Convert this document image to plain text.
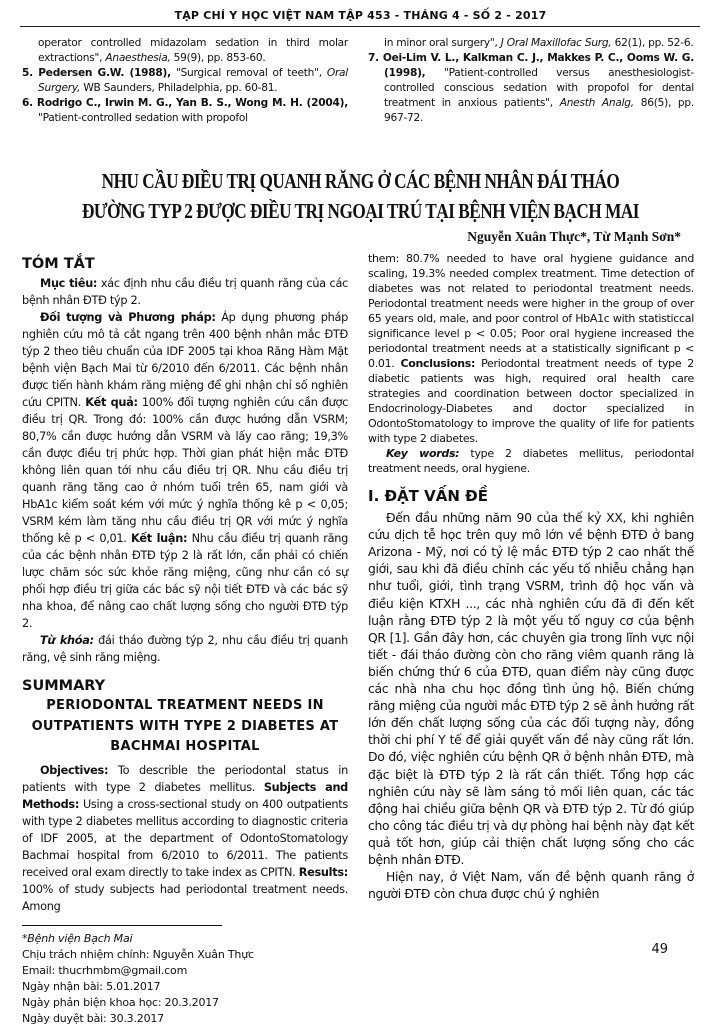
TẠP CHÍ Y HỌC VIỆT NAM TẬP 453 - THÁNG 4 - SỐ 2 - 2017

operator controlled midazolam sedation in third molar extractions", Anaesthesia, 59(9), pp. 853-60.

5. Pedersen G.W. (1988), "Surgical removal of teeth", Oral Surgery, WB Saunders, Philadelphia, pp. 60-81.

6. Rodrigo C., Irwin M. G., Yan B. S., Wong M. H. (2004), "Patient-controlled sedation with propofol

in minor oral surgery", J Oral Maxillofac Surg, 62(1), pp. 52-6.

7. Oei-Lim V. L., Kalkman C. J., Makkes P. C., Ooms W. G. (1998), "Patient-controlled versus anesthesiologist-controlled conscious sedation with propofol for dental treatment in anxious patients", Anesth Analg, 86(5), pp. 967-72.

NHU CẦU ĐIỀU TRỊ QUANH RĂNG Ở CÁC BỆNH NHÂN ĐÁI THÁO
ĐƯỜNG TYP 2 ĐƯỢC ĐIỀU TRỊ NGOẠI TRÚ TẠI BỆNH VIỆN BẠCH MAI
Nguyễn Xuân Thực*, Từ Mạnh Sơn*
TÓM TẮT

Mục tiêu: xác định nhu cầu điều trị quanh răng của các bệnh nhân ĐTĐ týp 2.

Đối tượng và Phương pháp: Áp dụng phương pháp nghiên cứu mô tả cắt ngang trên 400 bệnh nhân mắc ĐTĐ týp 2 theo tiêu chuẩn của IDF 2005 tại khoa Răng Hàm Mặt bệnh viện Bạch Mai từ 6/2010 đến 6/2011. Các bệnh nhân được tiến hành khám răng miệng để ghi nhận chỉ số nghiên cứu CPITN. Kết quả: 100% đối tượng nghiên cứu cần được điều trị QR. Trong đó: 100% cần được hướng dẫn VSRM; 80,7% cần được hướng dẫn VSRM và lấy cao răng; 19,3% cần được điều trị phức hợp. Thời gian phát hiện mắc ĐTĐ không liên quan tới nhu cầu điều trị QR. Nhu cầu điều trị quanh răng tăng cao ở nhóm tuổi trên 65, nam giới và HbA1c kiểm soát kém với mức ý nghĩa thống kê p < 0,05; VSRM kém làm tăng nhu cầu điều trị QR với mức ý nghĩa thống kê p < 0,01. Kết luận: Nhu cầu điều trị quanh răng của các bệnh nhân ĐTĐ týp 2 là rất lớn, cần phải có chiến lược chăm sóc sức khỏe răng miệng, cũng như cần có sự phối hợp điều trị giữa các bác sỹ nội tiết ĐTĐ và các bác sỹ nha khoa, để nâng cao chất lượng sống cho người ĐTĐ týp 2.

Từ khóa: đái tháo đường týp 2, nhu cầu điều trị quanh răng, vệ sinh răng miệng.

SUMMARY
PERIODONTAL TREATMENT NEEDS IN
OUTPATIENTS WITH TYPE 2 DIABETES AT
BACHMAI HOSPITAL

Objectives: To describle the periodontal status in patients with type 2 diabetes mellitus. Subjects and Methods: Using a cross-sectional study on 400 outpatients with type 2 diabetes mellitus according to diagnostic criteria of IDF 2005, at the department of OdontoStomatology Bachmai hospital from 6/2010 to 6/2011. The patients received oral exam directly to take index as CPITN. Results: 100% of study subjects had periodontal treatment needs. Among

*Bệnh viện Bạch Mai
Chịu trách nhiệm chính: Nguyễn Xuân Thực
Email: thucrhmbm@gmail.com
Ngày nhận bài: 5.01.2017
Ngày phản biện khoa học: 20.3.2017
Ngày duyệt bài: 30.3.2017

them: 80.7% needed to have oral hygiene guidance and scaling, 19.3% needed complex treatment. Time detection of diabetes was not related to periodontal treatment needs. Periodontal treatment needs were higher in the group of over 65 years old, male, and poor control of HbA1c with statisticcal significance level p < 0.05; Poor oral hygiene increased the periodontal treatment needs at a statistically significant p < 0.01. Conclusions: Periodontal treatment needs of type 2 diabetic patients was high, required oral health care strategies and coordination between doctor specialized in Endocrinology-Diabetes and doctor specialized in OdontoStomatology to improve the quality of life for patients with type 2 diabetes.

Key words: type 2 diabetes mellitus, periodontal treatment needs, oral hygiene.

I. ĐẶT VẤN ĐỀ

Đến đầu những năm 90 của thế kỷ XX, khi nghiên cứu dịch tễ học trên quy mô lớn về bệnh ĐTĐ ở bang Arizona - Mỹ, nơi có tỷ lệ mắc ĐTĐ týp 2 cao nhất thế giới, sau khi đã điều chỉnh các yếu tố nhiễu chẳng hạn như tuổi, giới, tình trạng VSRM, trình độ học vấn và điều kiện KTXH ..., các nhà nghiên cứu đã đi đến kết luận rằng ĐTĐ týp 2 là một yếu tố nguy cơ của bệnh QR [1]. Gần đây hơn, các chuyên gia trong lĩnh vực nội tiết - đái tháo đường còn cho răng viêm quanh răng là biến chứng thứ 6 của ĐTĐ, quan điểm này cũng được các nhà nha chu học đồng tình ủng hộ. Biến chứng răng miệng của người mắc ĐTĐ týp 2 sẽ ảnh hưởng rất lớn đến chất lượng sống của các đối tượng này, đồng thời chi phí Y tế để giải quyết vấn đề này cũng rất lớn. Do đó, việc nghiên cứu bệnh QR ở bệnh nhân ĐTĐ, mà đặc biệt là ĐTĐ týp 2 là rất cần thiết. Tổng hợp các nghiên cứu này sẽ làm sáng tỏ mối liên quan, các tác động hai chiều giữa bệnh QR và ĐTĐ týp 2. Từ đó giúp cho công tác điều trị và dự phòng hai bệnh này đạt kết quả tốt hơn, giúp cải thiện chất lượng sống cho các bệnh nhân ĐTĐ.

Hiện nay, ở Việt Nam, vấn đề bệnh quanh răng ở người ĐTĐ còn chưa được chú ý nghiên

49
